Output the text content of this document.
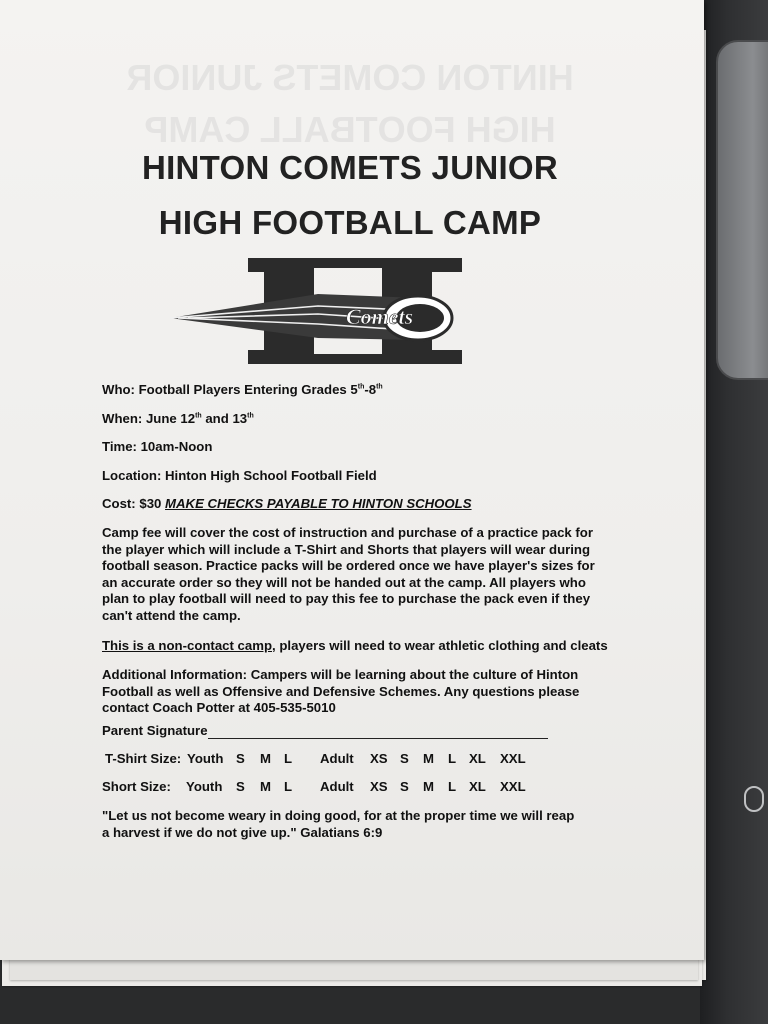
HINTON COMETS JUNIOR HIGH FOOTBALL CAMP
HINTON COMETS JUNIOR
HIGH FOOTBALL CAMP
Comets
Who: Football Players Entering Grades 5th-8th
When: June 12th and 13th
Time: 10am-Noon
Location: Hinton High School Football Field
Cost: $30 MAKE CHECKS PAYABLE TO HINTON SCHOOLS
Camp fee will cover the cost of instruction and purchase of a practice pack for the player which will include a T-Shirt and Shorts that players will wear during football season. Practice packs will be ordered once we have player's sizes for an accurate order so they will not be handed out at the camp. All players who plan to play football will need to pay this fee to purchase the pack even if they can't attend the camp.
This is a non-contact camp, players will need to wear athletic clothing and cleats
Additional Information: Campers will be learning about the culture of Hinton Football as well as Offensive and Defensive Schemes. Any questions please contact Coach Potter at 405-535-5010
Parent Signature
T-Shirt Size: Youth S M L Adult XS S M L XL XXL
Short Size: Youth S M L Adult XS S M L XL XXL
"Let us not become weary in doing good, for at the proper time we will reap a harvest if we do not give up." Galatians 6:9
